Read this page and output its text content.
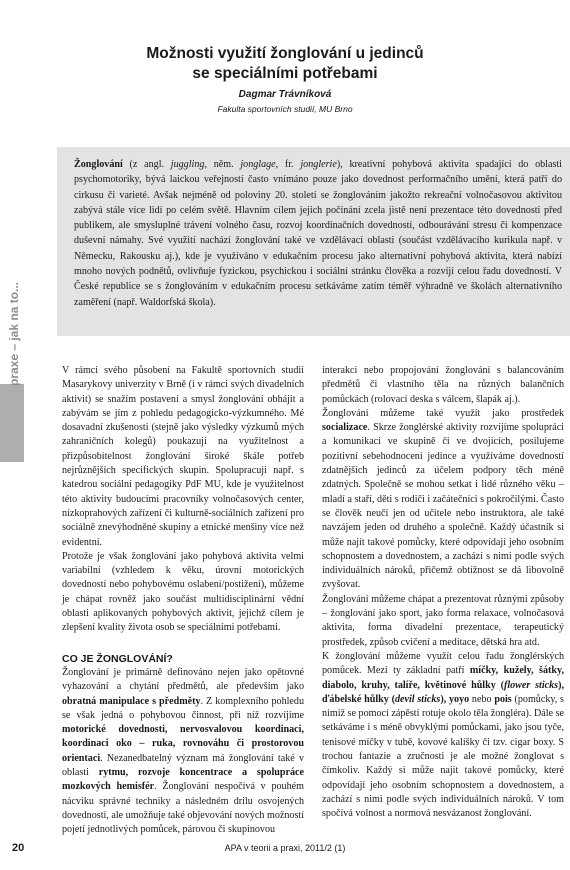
Možnosti využití žonglování u jedinců
se speciálními potřebami
Dagmar Trávníková
Fakulta sportovních studií, MU Brno

Žonglování (z angl. juggling, něm. jonglage, fr. jonglerie), kreativní pohybová aktivita spadající do oblasti psychomotoriky, bývá laickou veřejností často vnímáno pouze jako dovednost performačního umění, která patří do cirkusu či varieté. Avšak nejméně od poloviny 20. století se žonglováním jakožto rekreační volnočasovou aktivitou zabývá stále více lidí po celém světě. Hlavním cílem jejich počínání zcela jistě není prezentace této dovednosti před publikem, ale smysluplné trávení volného času, rozvoj koordinačních dovedností, odbourávání stresu či kompenzace duševní námahy. Své využití nachází žonglování také ve vzdělávací oblasti (součást vzdělávacího kurikula např. v Německu, Rakousku aj.), kde je využíváno v edukačním procesu jako alternativní pohybová aktivita, která nabízí mnoho nových podnětů, ovlivňuje fyzickou, psychickou i sociální stránku člověka a rozvíjí celou řadu dovedností. V České republice se s žonglováním v edukačním procesu setkáváme zatím téměř výhradně ve školách alternativního zaměření (např. Waldorfská škola).

praxe – jak na to...	V rámci svého působení na Fakultě sportovních studií Masarykovy univerzity v Brně (i v rámci svých divadelních aktivit) se snažím postavení a smysl žonglování obhájit a zabývám se jím z pohledu pedagogicko-výzkumného. Mé dosavadní zkušenosti (stejně jako výsledky výzkumů mých zahraničních kolegů) poukazují na využitelnost a přizpůsobitelnost žonglování široké škále potřeb nejrůznějších specifických skupin. Spolupracuji např. s katedrou sociální pedagogiky PdF MU, kde je využitelnost této aktivity budoucími pracovníky volnočasových center, nízkoprahových zařízení či kulturně-sociálních zařízení pro sociálně znevýhodněné skupiny a etnické menšiny více než evidentní.

Protože je však žonglování jako pohybová aktivita velmi variabilní (vzhledem k věku, úrovni motorických dovedností nebo pohybovému oslabení/postižení), můžeme je chápat rovněž jako součást multidisciplinární vědní oblasti aplikovaných pohybových aktivit, jejichž cílem je zlepšení kvality života osob se speciálními potřebami.

CO JE ŽONGLOVÁNÍ?

Žonglování je primárně definováno nejen jako opětovné vyhazování a chytání předmětů, ale především jako obratná manipulace s předměty. Z komplexního pohledu se však jedná o pohybovou činnost, při níž rozvíjíme motorické dovednosti, nervosvalovou koordinaci, koordinaci oko – ruka, rovnováhu či prostorovou orientaci. Nezanedbatelný význam má žonglování také v oblasti rytmu, rozvoje koncentrace a spolupráce mozkových hemisfér. Žonglování nespočívá v pouhém nácviku správné techniky a následném drilu osvojených dovedností, ale umožňuje také objevování nových možností pojetí jednotlivých pomůcek, párovou či skupinovou

interakci nebo propojování žonglování s balancováním předmětů či vlastního těla na různých balančních pomůckách (rolovací deska s válcem, šlapák aj.).

Žonglování můžeme také využít jako prostředek socializace. Skrze žonglérské aktivity rozvíjíme spolupráci a komunikaci ve skupině či ve dvojicích, posilujeme pozitivní sebehodnocení jedince a využíváme dovedností zdatnějších jedinců za účelem podpory těch méně zdatných. Společně se mohou setkat i lidé různého věku – mladí a staří, děti s rodiči i začátečníci s pokročilými. Často se člověk neučí jen od učitele nebo instruktora, ale také navzájem jeden od druhého a společně. Každý účastník si může najít takové pomůcky, které odpovídají jeho osobním schopnostem a dovednostem, a zachází s nimi podle svých individuálních nároků, přičemž obtížnost se dá libovolně zvyšovat.

Žonglování můžeme chápat a prezentovat různými způsoby – žonglování jako sport, jako forma relaxace, volnočasová aktivita, forma divadelní prezentace, terapeutický prostředek, způsob cvičení a meditace, dětská hra atd.

K žonglování můžeme využít celou řadu žonglérských pomůcek. Mezi ty základní patří míčky, kužely, šátky, diabolo, kruhy, talíře, květinové hůlky (flower sticks), ďábelské hůlky (devil sticks), yoyo nebo pois (pomůcky, s nimiž se pomocí zápěstí rotuje okolo těla žongléra). Dále se setkáváme i s méně obvyklými pomůckami, jako jsou tyče, tenisové míčky v tubě, kovové kalíšky či tzv. cigar boxy. S trochou fantazie a zručnosti je ale možné žonglovat s čímkoliv. Každý si může najít takové pomůcky, které odpovídají jeho osobním schopnostem a dovednostem, a zachází s nimi podle svých individuálních nároků. V tom spočívá volnost a normová nesvázanost žonglování.

20	APA v teorii a praxi, 2011/2 (1)
